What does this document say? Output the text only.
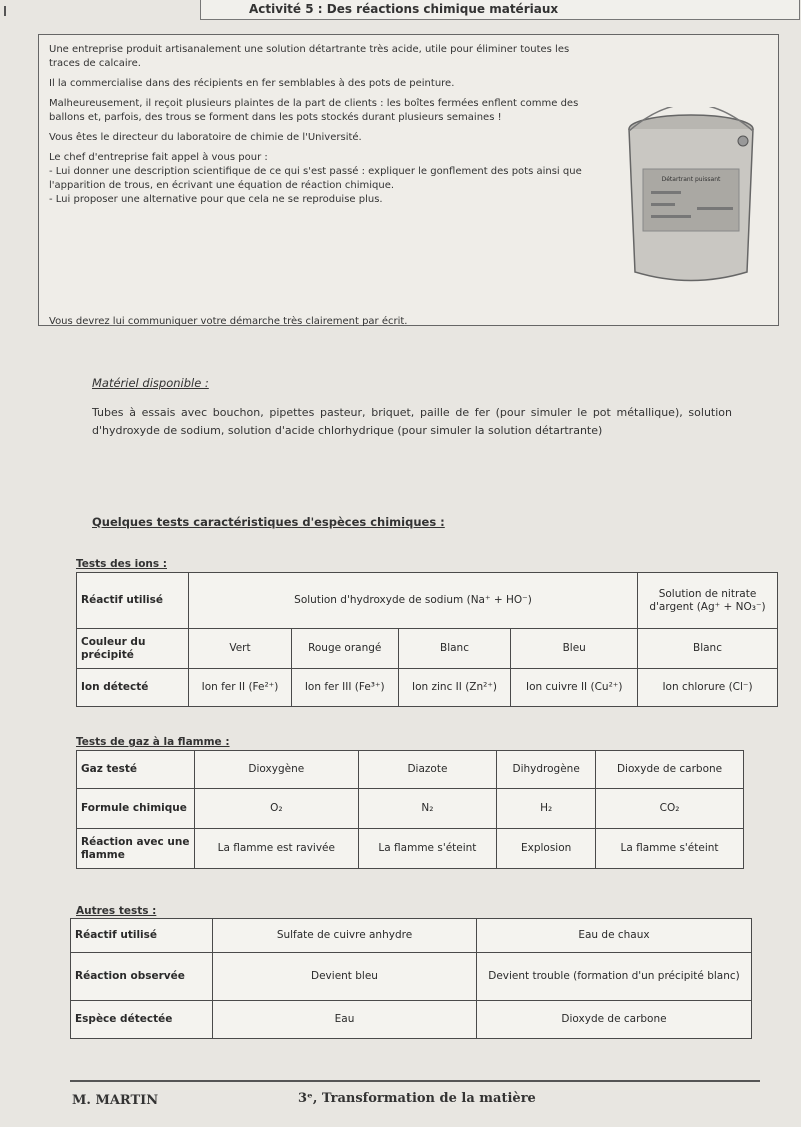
Activité 5 : Des réactions chimique matériaux

Une entreprise produit artisanalement une solution détartrante très acide, utile pour éliminer toutes les traces de calcaire.

Il la commercialise dans des récipients en fer semblables à des pots de peinture.

Malheureusement, il reçoit plusieurs plaintes de la part de clients : les boîtes fermées enflent comme des ballons et, parfois, des trous se forment dans les pots stockés durant plusieurs semaines !

Vous êtes le directeur du laboratoire de chimie de l'Université.

Le chef d'entreprise fait appel à vous pour :

- Lui donner une description scientifique de ce qui s'est passé : expliquer le gonflement des pots ainsi que l'apparition de trous, en écrivant une équation de réaction chimique.

- Lui proposer une alternative pour que cela ne se reproduise plus.

Vous devrez lui communiquer votre démarche très clairement par écrit.

Détartrant puissant
Matériel disponible :
Tubes à essais avec bouchon, pipettes pasteur, briquet, paille de fer (pour simuler le pot métallique), solution d'hydroxyde de sodium, solution d'acide chlorhydrique (pour simuler la solution détartrante)
Quelques tests caractéristiques d'espèces chimiques :
Tests des ions :
Réactif utilisé	Solution d'hydroxyde de sodium (Na⁺ + HO⁻)				Solution de nitrate d'argent (Ag⁺ + NO₃⁻)
Couleur du précipité	Vert	Rouge orangé	Blanc	Bleu	Blanc
Ion détecté	Ion fer II (Fe²⁺)	Ion fer III (Fe³⁺)	Ion zinc II (Zn²⁺)	Ion cuivre II (Cu²⁺)	Ion chlorure (Cl⁻)
Tests de gaz à la flamme :
Gaz testé	Dioxygène	Diazote	Dihydrogène	Dioxyde de carbone
Formule chimique	O₂	N₂	H₂	CO₂
Réaction avec une flamme	La flamme est ravivée	La flamme s'éteint	Explosion	La flamme s'éteint
Autres tests :
Réactif utilisé	Sulfate de cuivre anhydre	Eau de chaux
Réaction observée	Devient bleu	Devient trouble (formation d'un précipité blanc)
Espèce détectée	Eau	Dioxyde de carbone
M. MARTIN	3ᵉ, Transformation de la matière
